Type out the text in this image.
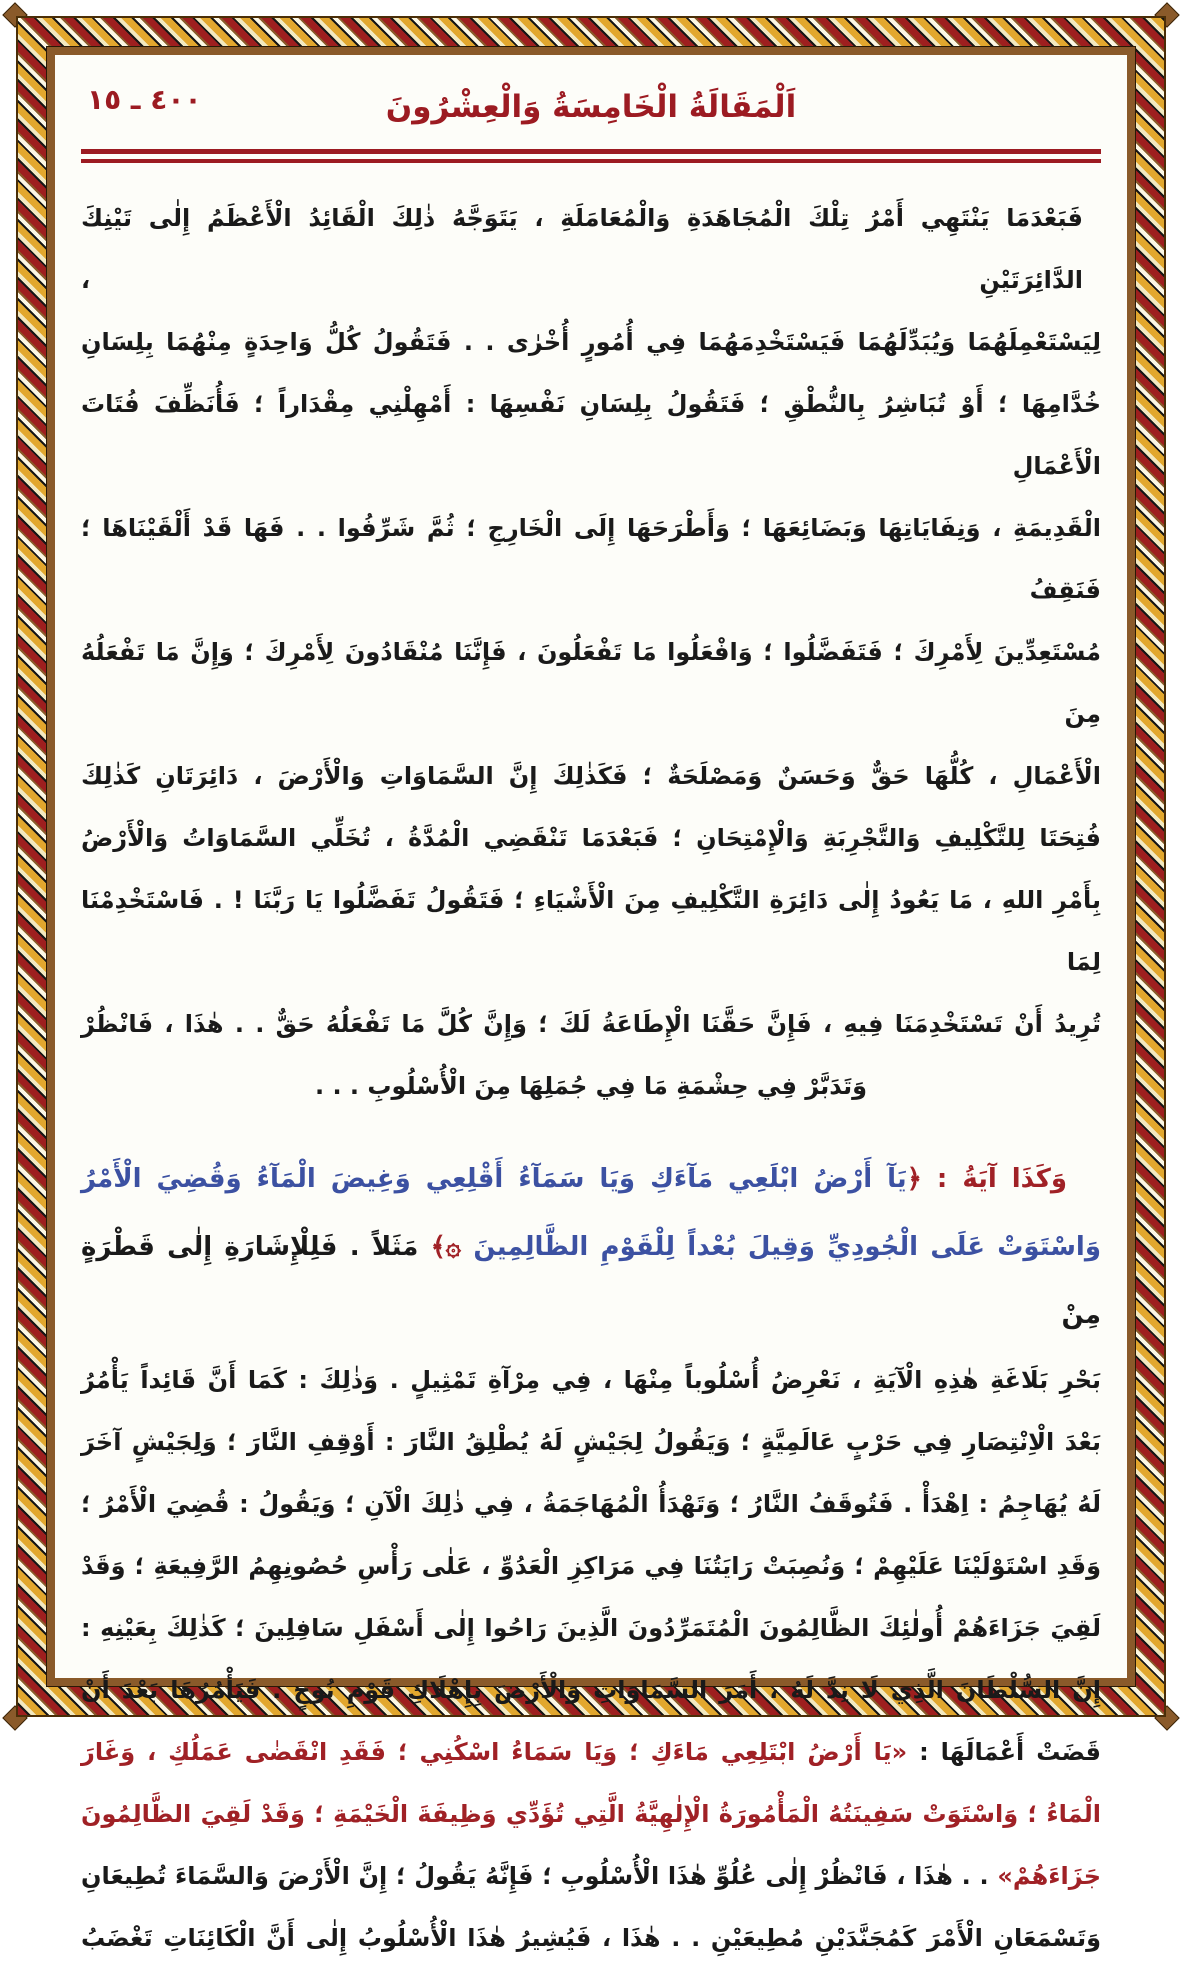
٤٠٠ ـ ١٥	اَلْمَقَالَةُ الْخَامِسَةُ وَالْعِشْرُونَ
فَبَعْدَمَا يَنْتَهِي أَمْرُ تِلْكَ الْمُجَاهَدَةِ وَالْمُعَامَلَةِ ، يَتَوَجَّهُ ذٰلِكَ الْقَائِدُ الْأَعْظَمُ إِلٰى تَيْنِكَ الدَّائِرَتَيْنِ ،
لِيَسْتَعْمِلَهُمَا وَيُبَدِّلَهُمَا فَيَسْتَخْدِمَهُمَا فِي أُمُورٍ أُخْرٰى . . فَتَقُولُ كُلُّ وَاحِدَةٍ مِنْهُمَا بِلِسَانِ
خُدَّامِهَا ؛ أَوْ تُبَاشِرُ بِالنُّطْقِ ؛ فَتَقُولُ بِلِسَانِ نَفْسِهَا : أَمْهِلْنِي مِقْدَاراً ؛ فَأُنَظِّفَ فُتَاتَ الْأَعْمَالِ
الْقَدِيمَةِ ، وَنِفَايَاتِهَا وَبَضَائِعَهَا ؛ وَأَطْرَحَهَا إِلَى الْخَارِجِ ؛ ثُمَّ شَرِّفُوا . . فَهَا قَدْ أَلْقَيْنَاهَا ؛ فَنَقِفُ
مُسْتَعِدِّينَ لِأَمْرِكَ ؛ فَتَفَضَّلُوا ؛ وَافْعَلُوا مَا تَفْعَلُونَ ، فَإِنَّنَا مُنْقَادُونَ لِأَمْرِكَ ؛ وَإِنَّ مَا تَفْعَلُهُ مِنَ
الْأَعْمَالِ ، كُلُّهَا حَقٌّ وَحَسَنٌ وَمَصْلَحَةٌ ؛ فَكَذٰلِكَ إِنَّ السَّمَاوَاتِ وَالْأَرْضَ ، دَائِرَتَانِ كَذٰلِكَ
فُتِحَتَا لِلتَّكْلِيفِ وَالتَّجْرِبَةِ وَالْإِمْتِحَانِ ؛ فَبَعْدَمَا تَنْقَضِي الْمُدَّةُ ، تُخَلِّي السَّمَاوَاتُ وَالْأَرْضُ
بِأَمْرِ اللهِ ، مَا يَعُودُ إِلٰى دَائِرَةِ التَّكْلِيفِ مِنَ الْأَشْيَاءِ ؛ فَتَقُولُ تَفَضَّلُوا يَا رَبَّنَا ! . فَاسْتَخْدِمْنَا لِمَا
تُرِيدُ أَنْ تَسْتَخْدِمَنَا فِيهِ ، فَإِنَّ حَقَّنَا الْإِطَاعَةُ لَكَ ؛ وَإِنَّ كُلَّ مَا تَفْعَلُهُ حَقٌّ . . هٰذَا ، فَانْظُرْ
وَتَدَبَّرْ فِي حِشْمَةِ مَا فِي جُمَلِهَا مِنَ الْأُسْلُوبِ . . .
وَكَذَا آيَةُ : ﴿يَآ أَرْضُ ابْلَعِي مَآءَكِ وَيَا سَمَآءُ أَقْلِعِي وَغِيضَ الْمَآءُ وَقُضِيَ الْأَمْرُ
وَاسْتَوَتْ عَلَى الْجُودِيِّ وَقِيلَ بُعْداً لِلْقَوْمِ الظَّالِمِينَ ۞﴾ مَثَلاً . فَلِلْإِشَارَةِ إِلٰى قَطْرَةٍ مِنْ
بَحْرِ بَلَاغَةِ هٰذِهِ الْآيَةِ ، نَعْرِضُ أُسْلُوباً مِنْهَا ، فِي مِرْآةِ تَمْثِيلٍ . وَذٰلِكَ : كَمَا أَنَّ قَائِداً يَأْمُرُ
بَعْدَ الْاِنْتِصَارِ فِي حَرْبٍ عَالَمِيَّةٍ ؛ وَيَقُولُ لِجَيْشٍ لَهُ يُطْلِقُ النَّارَ : أَوْقِفِ النَّارَ ؛ وَلِجَيْشٍ آخَرَ
لَهُ يُهَاجِمُ : اِهْدَأْ . فَتُوقَفُ النَّارُ ؛ وَتَهْدَأُ الْمُهَاجَمَةُ ، فِي ذٰلِكَ الْآنِ ؛ وَيَقُولُ : قُضِيَ الْأَمْرُ ؛
وَقَدِ اسْتَوْلَيْنَا عَلَيْهِمْ ؛ وَنُصِبَتْ رَايَتُنَا فِي مَرَاكِزِ الْعَدُوِّ ، عَلٰى رَأْسِ حُصُونِهِمُ الرَّفِيعَةِ ؛ وَقَدْ
لَقِيَ جَزَاءَهُمْ أُولٰئِكَ الظَّالِمُونَ الْمُتَمَرِّدُونَ الَّذِينَ رَاحُوا إِلٰى أَسْفَلِ سَافِلِينَ ؛ كَذٰلِكَ بِعَيْنِهِ :
إِنَّ السُّلْطَانَ الَّذِي لَا نِدَّ لَهُ ، أَمَرَ السَّمَاوَاتِ وَالْأَرْضَ بِإِهْلَاكِ قَوْمِ نُوحٍ . فَيَأْمُرُهَا بَعْدَ أَنْ
قَضَتْ أَعْمَالَهَا : «يَا أَرْضُ ابْتَلِعِي مَاءَكِ ؛ وَيَا سَمَاءُ اسْكُنِي ؛ فَقَدِ انْقَضٰى عَمَلُكِ ، وَغَارَ
الْمَاءُ ؛ وَاسْتَوَتْ سَفِينَتُهُ الْمَأْمُورَةُ الْإِلٰهِيَّةُ الَّتِي تُؤَدِّي وَظِيفَةَ الْخَيْمَةِ ؛ وَقَدْ لَقِيَ الظَّالِمُونَ
جَزَاءَهُمْ» . . هٰذَا ، فَانْظُرْ إِلٰى عُلُوِّ هٰذَا الْأُسْلُوبِ ؛ فَإِنَّهُ يَقُولُ ؛ إِنَّ الْأَرْضَ وَالسَّمَاءَ تُطِيعَانِ
وَتَسْمَعَانِ الْأَمْرَ كَمُجَنَّدَيْنِ مُطِيعَيْنِ . . هٰذَا ، فَيُشِيرُ هٰذَا الْأُسْلُوبُ إِلٰى أَنَّ الْكَائِنَاتِ تَغْضَبُ
